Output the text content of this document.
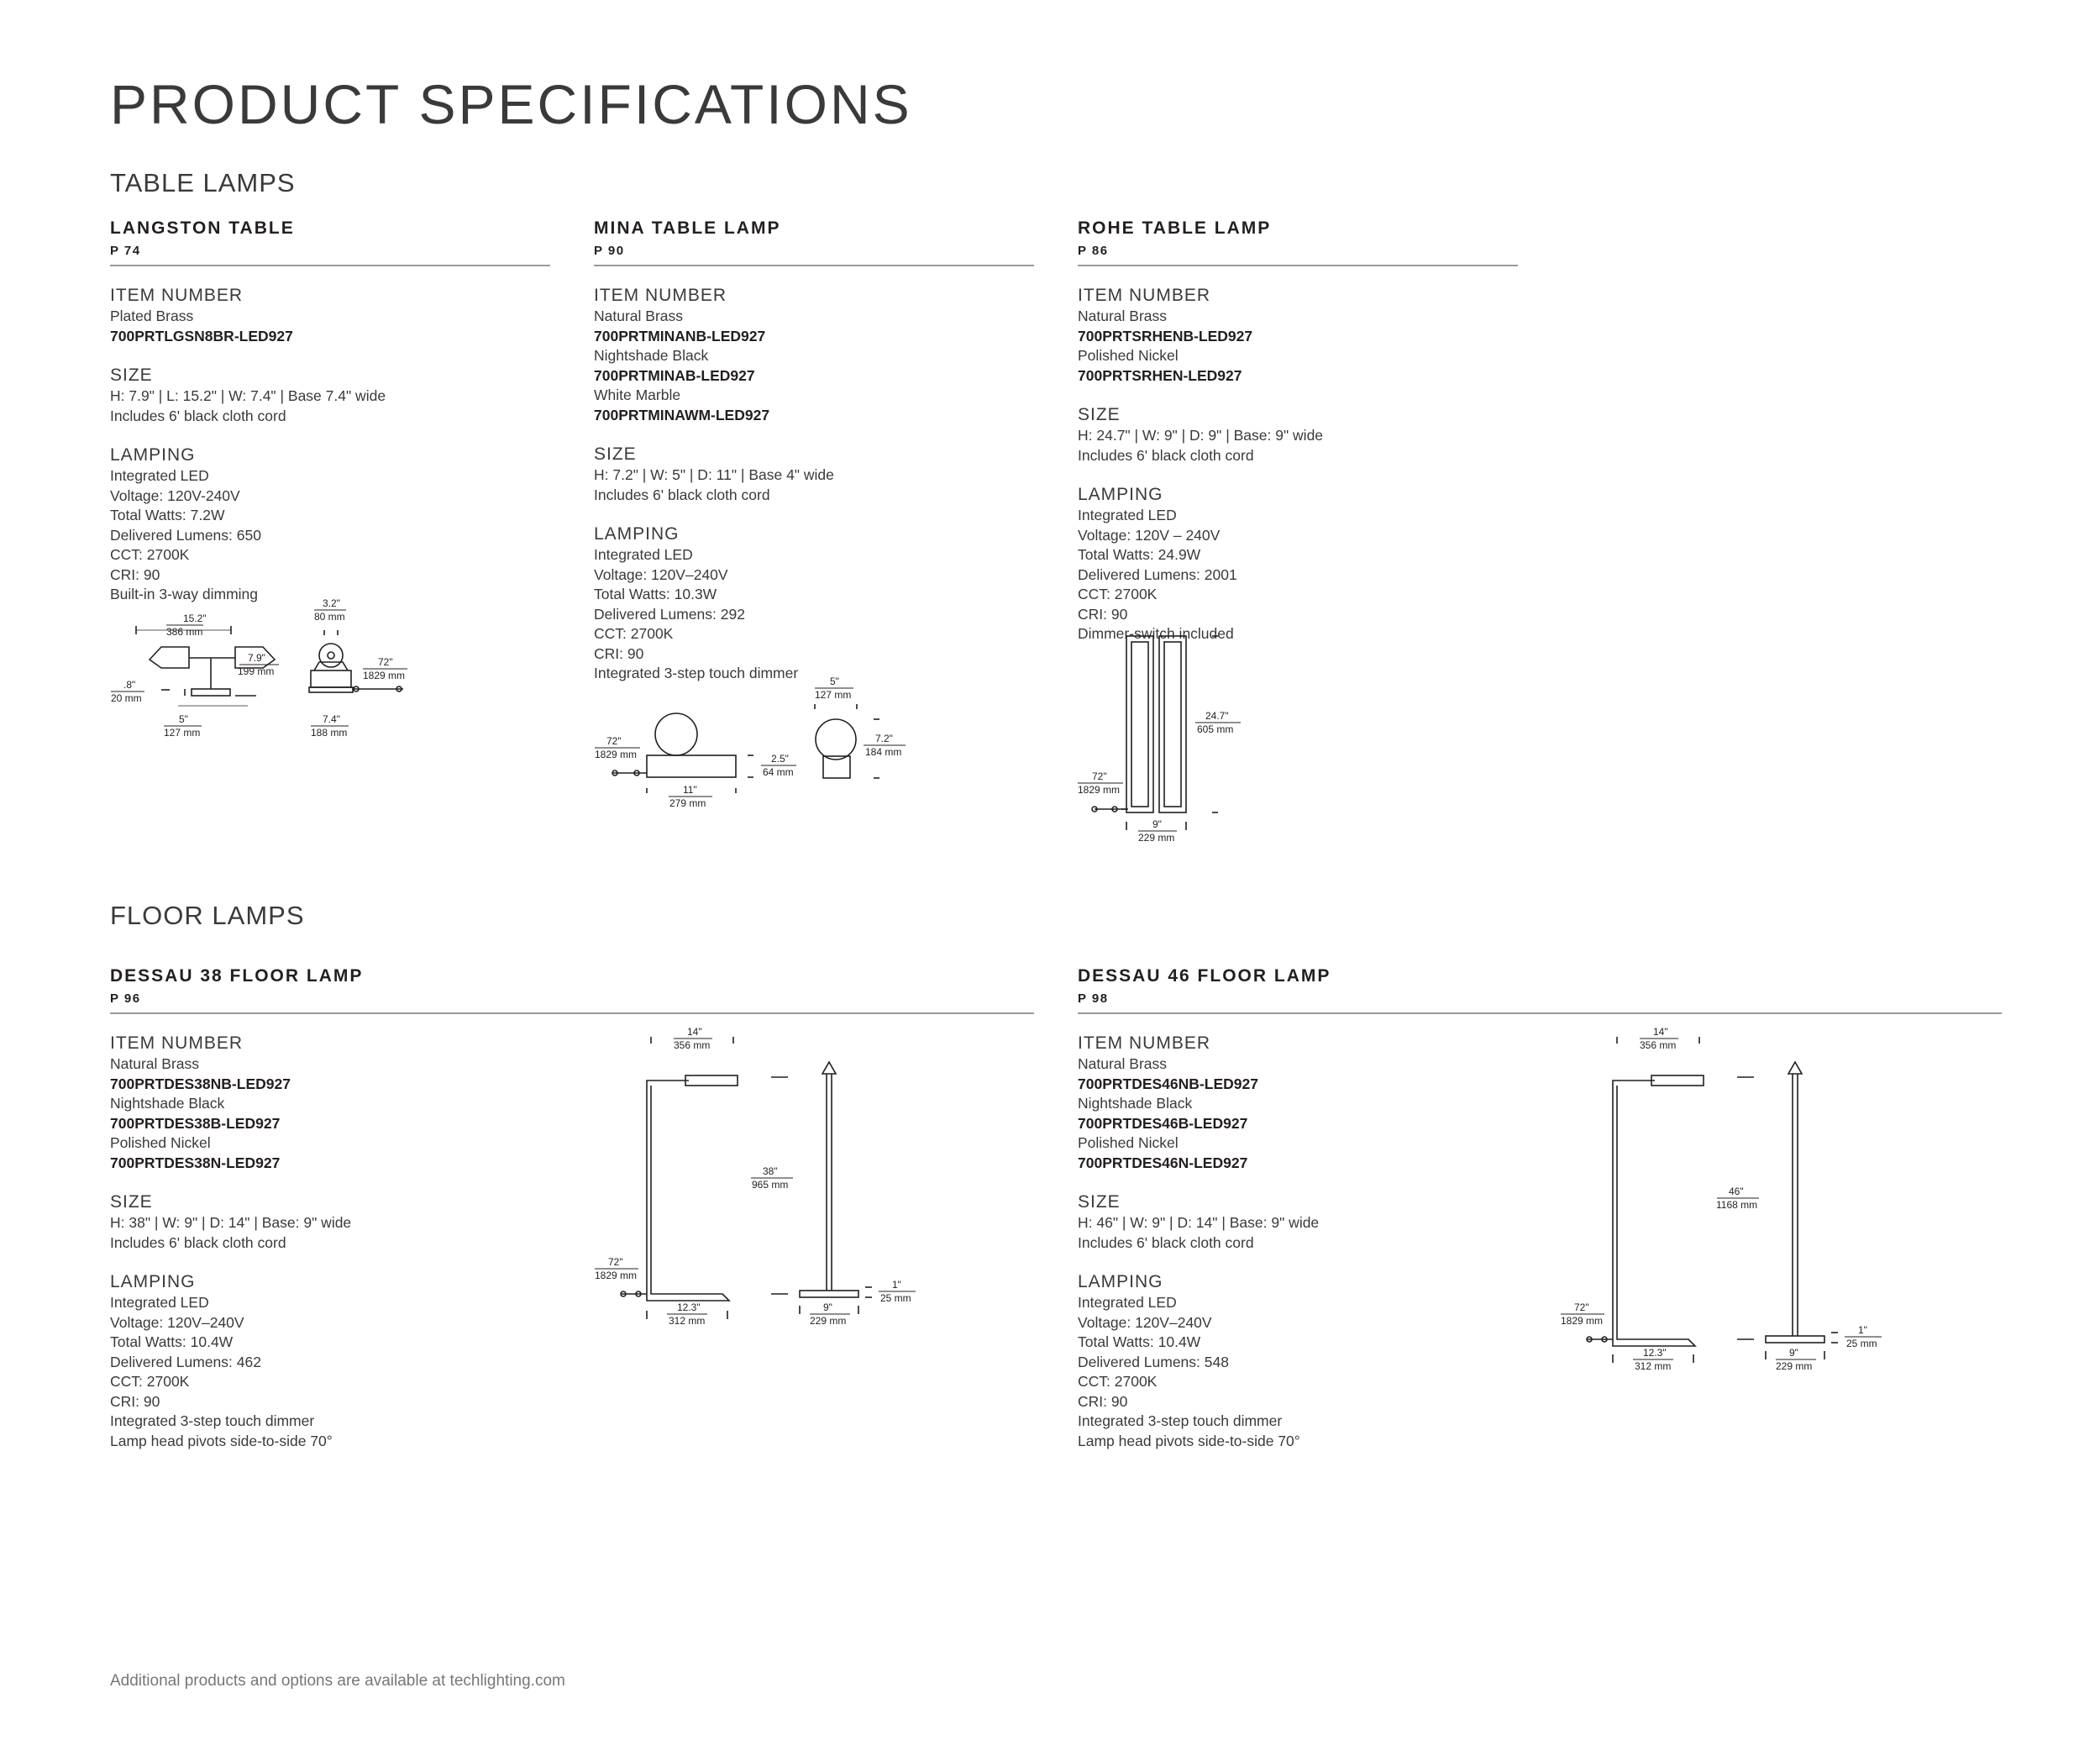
PRODUCT SPECIFICATIONS
TABLE LAMPS
FLOOR LAMPS
LANGSTON TABLE
P 74
ITEM NUMBER
Plated Brass
700PRTLGSN8BR-LED927
SIZE
H: 7.9" | L: 15.2" | W: 7.4" | Base 7.4" wide
Includes 6' black cloth cord
LAMPING
Integrated LED
Voltage: 120V-240V
Total Watts: 7.2W
Delivered Lumens: 650
CCT: 2700K
CRI: 90
Built-in 3-way dimming
MINA TABLE LAMP
P 90
ITEM NUMBER
Natural Brass
700PRTMINANB-LED927
Nightshade Black
700PRTMINAB-LED927
White Marble
700PRTMINAWM-LED927
SIZE
H: 7.2" | W: 5" | D: 11" | Base 4" wide
Includes 6' black cloth cord
LAMPING
Integrated LED
Voltage: 120V–240V
Total Watts: 10.3W
Delivered Lumens: 292
CCT: 2700K
CRI: 90
Integrated 3-step touch dimmer
ROHE TABLE LAMP
P 86
ITEM NUMBER
Natural Brass
700PRTSRHENB-LED927
Polished Nickel
700PRTSRHEN-LED927
SIZE
H: 24.7" | W: 9" | D: 9" | Base: 9" wide
Includes 6' black cloth cord
LAMPING
Integrated LED
Voltage: 120V – 240V
Total Watts: 24.9W
Delivered Lumens: 2001
CCT: 2700K
CRI: 90
Dimmer-switch included
DESSAU 38 FLOOR LAMP
P 96
ITEM NUMBER
Natural Brass
700PRTDES38NB-LED927
Nightshade Black
700PRTDES38B-LED927
Polished Nickel
700PRTDES38N-LED927
SIZE
H: 38" | W: 9" | D: 14" | Base: 9" wide
Includes 6' black cloth cord
LAMPING
Integrated LED
Voltage: 120V–240V
Total Watts: 10.4W
Delivered Lumens: 462
CCT: 2700K
CRI: 90
Integrated 3-step touch dimmer
Lamp head pivots side-to-side 70°
DESSAU 46 FLOOR LAMP
P 98
ITEM NUMBER
Natural Brass
700PRTDES46NB-LED927
Nightshade Black
700PRTDES46B-LED927
Polished Nickel
700PRTDES46N-LED927
SIZE
H: 46" | W: 9" | D: 14" | Base: 9" wide
Includes 6' black cloth cord
LAMPING
Integrated LED
Voltage: 120V–240V
Total Watts: 10.4W
Delivered Lumens: 548
CCT: 2700K
CRI: 90
Integrated 3-step touch dimmer
Lamp head pivots side-to-side 70°
15.2"
386 mm
7.9"
199 mm
.8"
20 mm
5"
127 mm
3.2"
80 mm
72"
1829 mm
7.4"
188 mm
72"
1829 mm	2.5"
64 mm
11"
279 mm
5"
127 mm
7.2"
184 mm
24.7"
605 mm
72"
1829 mm
9"
229 mm
14"
356 mm
38"
965 mm
72"
1829 mm
12.3"
312 mm
9"
229 mm
1"
25 mm
14"
356 mm
46"
1168 mm
72"
1829 mm
12.3"
312 mm
9"
229 mm
1"
25 mm
Additional products and options are available at techlighting.com
